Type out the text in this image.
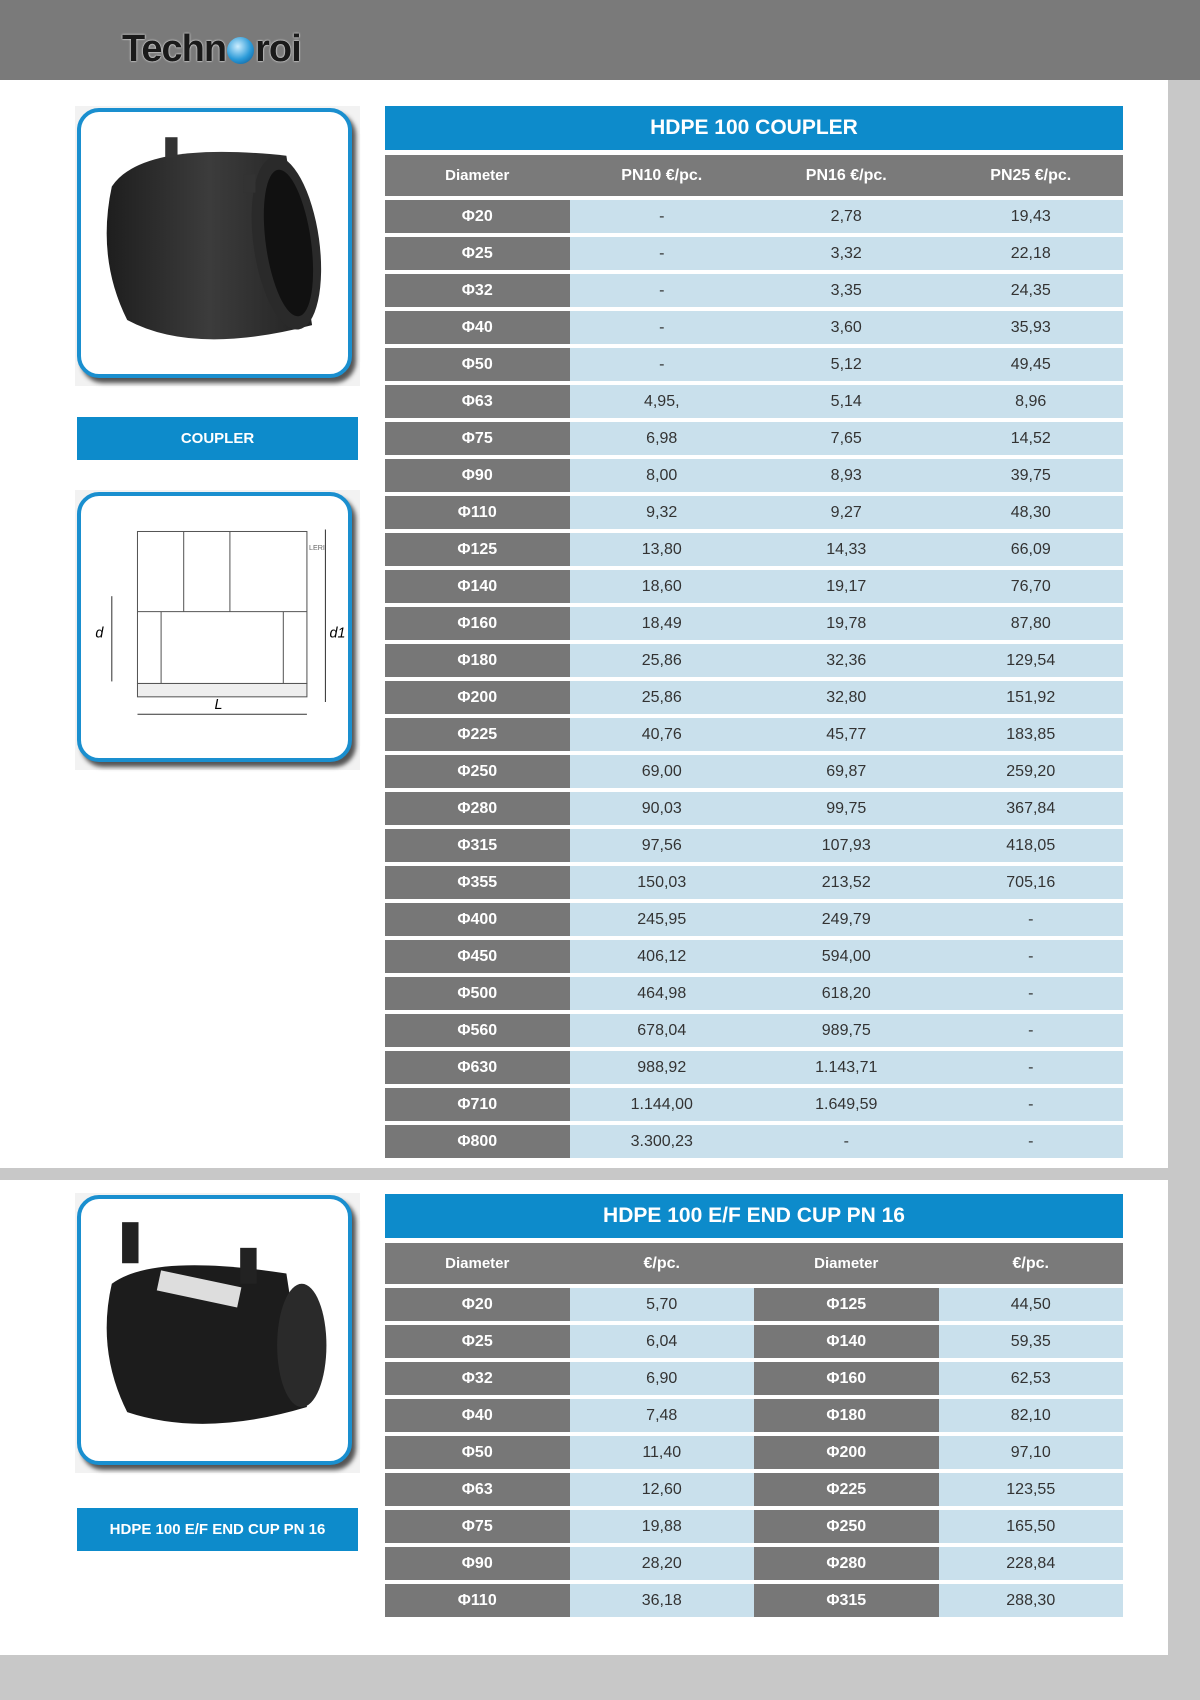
Techn roi
COUPLER
d	d1
L
LERI
HDPE 100 E/F END CUP PN 16
HDPE 100 COUPLER
Diameter	PN10 €/pc.	PN16 €/pc.	PN25 €/pc.
Φ20	-	2,78	19,43
Φ25	-	3,32	22,18
Φ32	-	3,35	24,35
Φ40	-	3,60	35,93
Φ50	-	5,12	49,45
Φ63	4,95,	5,14	8,96
Φ75	6,98	7,65	14,52
Φ90	8,00	8,93	39,75
Φ110	9,32	9,27	48,30
Φ125	13,80	14,33	66,09
Φ140	18,60	19,17	76,70
Φ160	18,49	19,78	87,80
Φ180	25,86	32,36	129,54
Φ200	25,86	32,80	151,92
Φ225	40,76	45,77	183,85
Φ250	69,00	69,87	259,20
Φ280	90,03	99,75	367,84
Φ315	97,56	107,93	418,05
Φ355	150,03	213,52	705,16
Φ400	245,95	249,79	-
Φ450	406,12	594,00	-
Φ500	464,98	618,20	-
Φ560	678,04	989,75	-
Φ630	988,92	1.143,71	-
Φ710	1.144,00	1.649,59	-
Φ800	3.300,23	-	-
HDPE 100 E/F END CUP PN 16
Diameter	€/pc.	Diameter	€/pc.
Φ20	5,70	Φ125	44,50
Φ25	6,04	Φ140	59,35
Φ32	6,90	Φ160	62,53
Φ40	7,48	Φ180	82,10
Φ50	11,40	Φ200	97,10
Φ63	12,60	Φ225	123,55
Φ75	19,88	Φ250	165,50
Φ90	28,20	Φ280	228,84
Φ110	36,18	Φ315	288,30
